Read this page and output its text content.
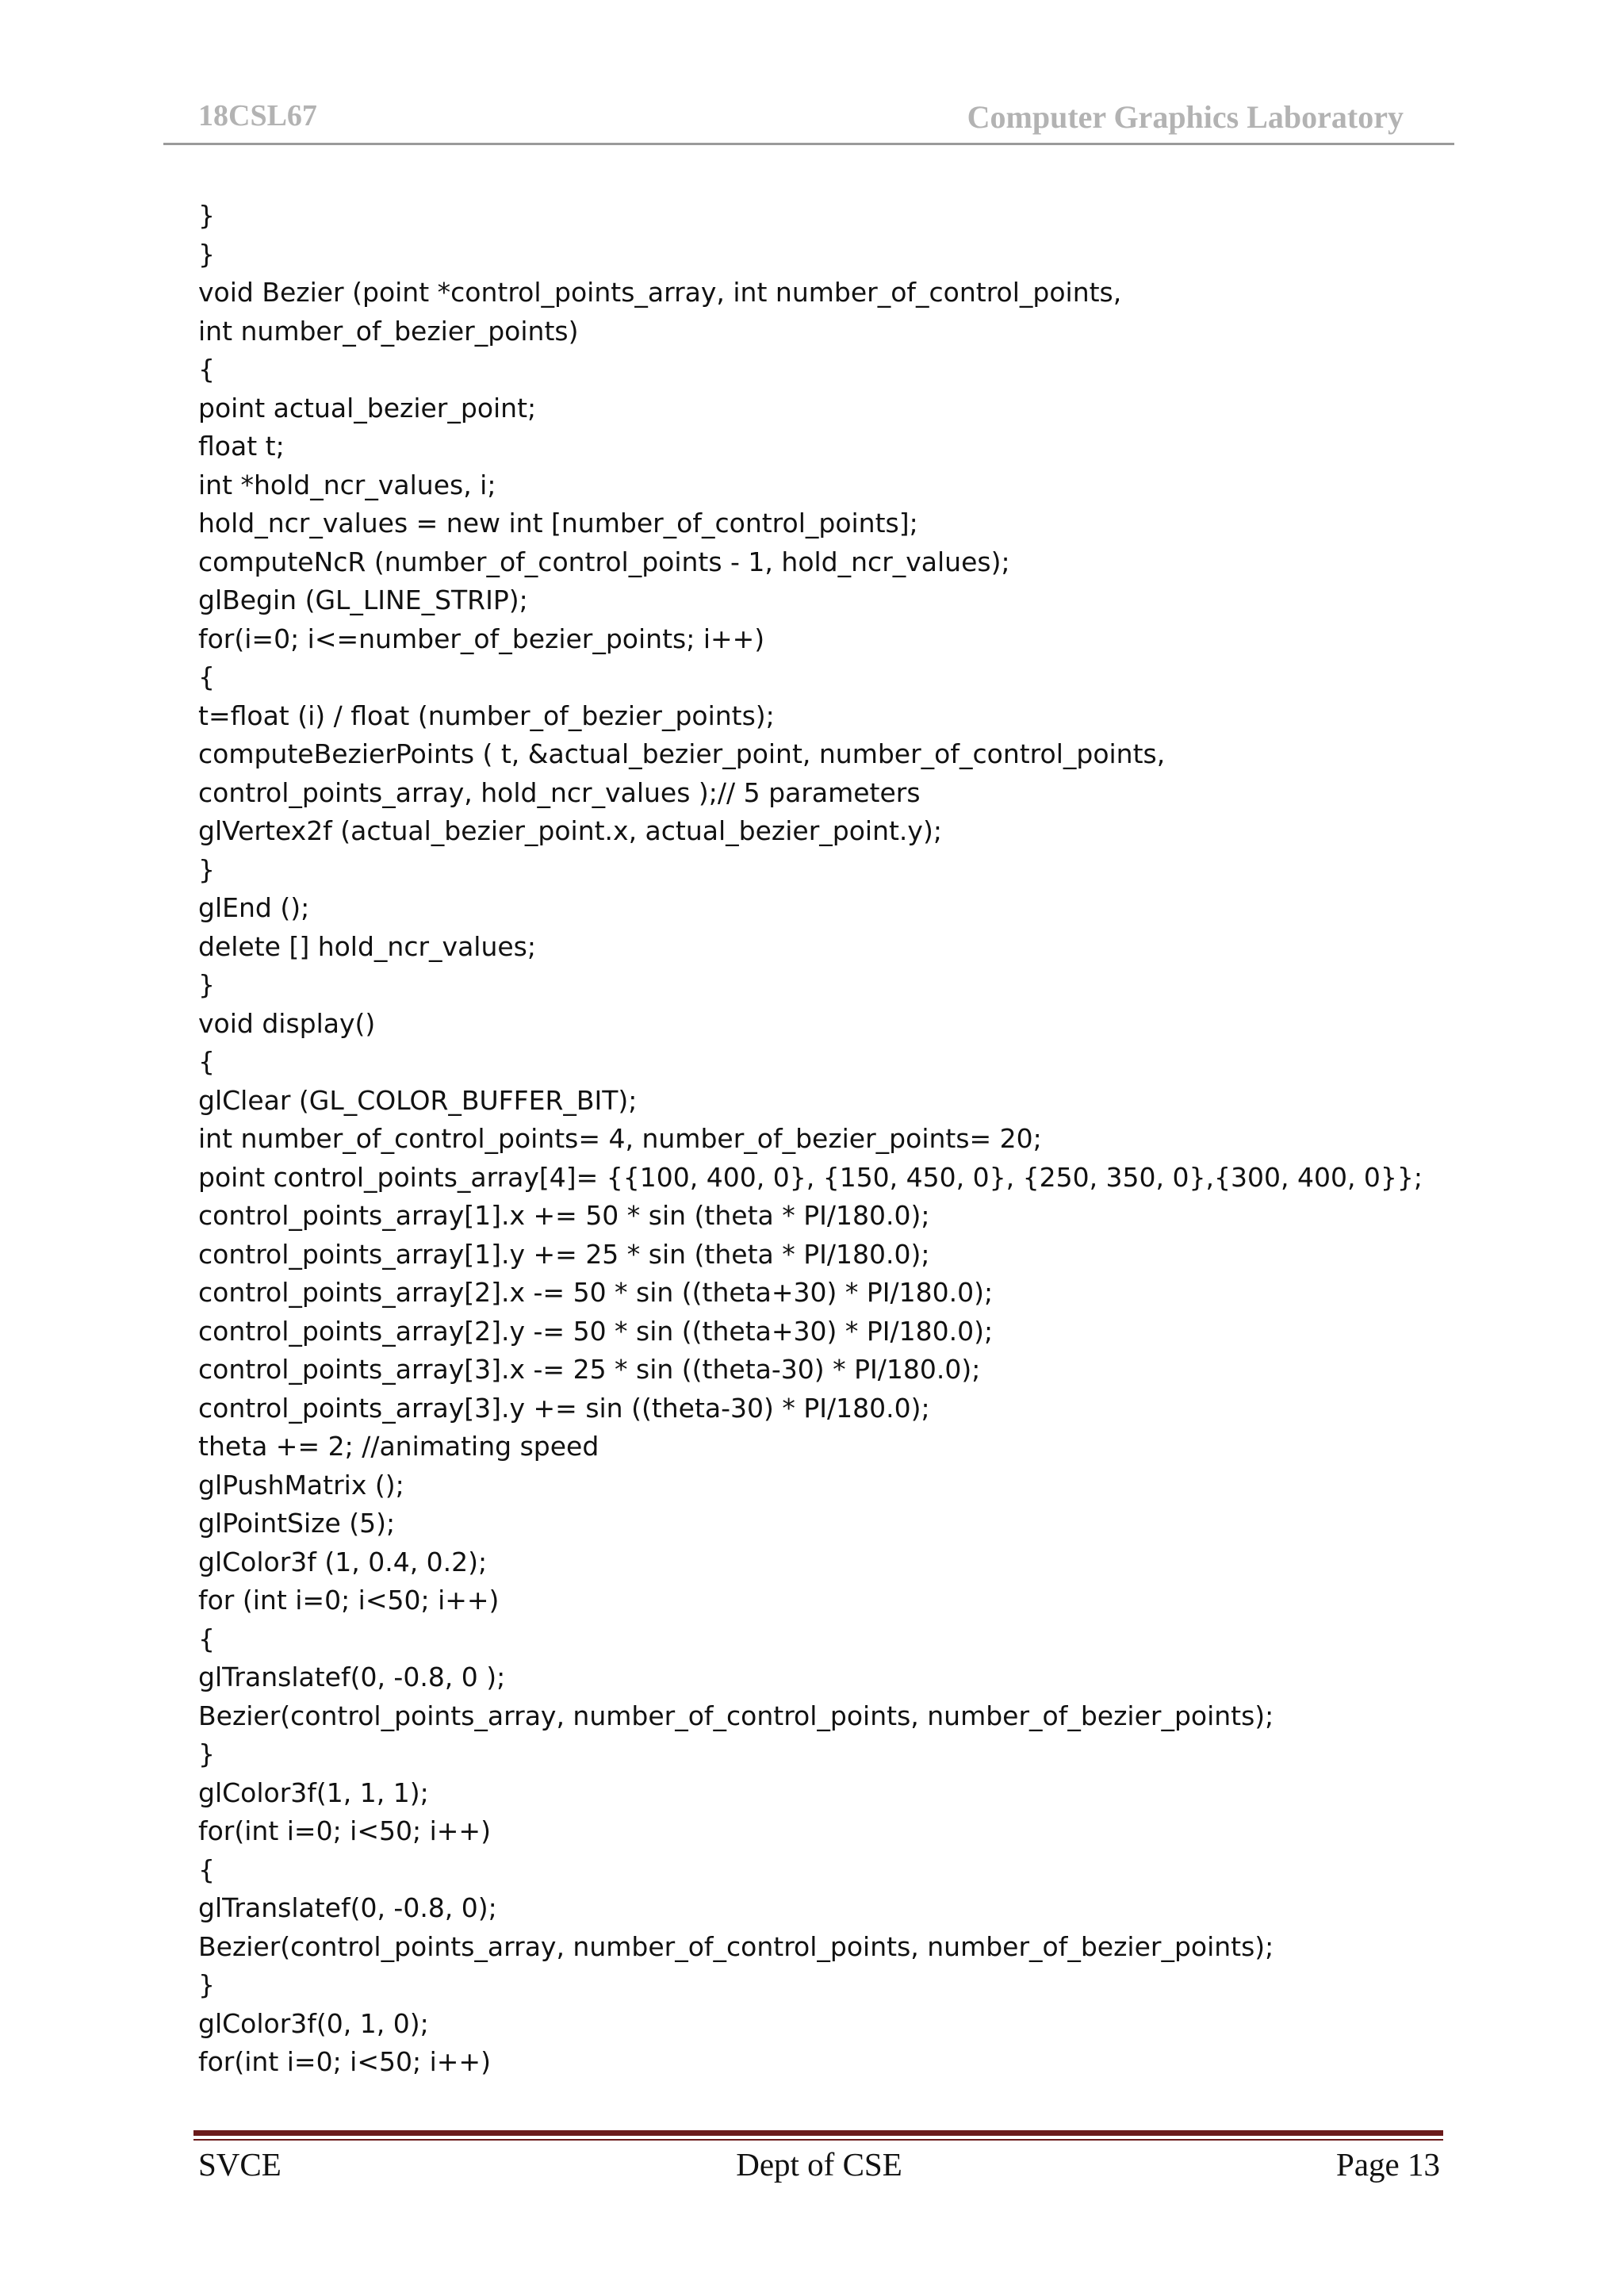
18CSL67	Computer Graphics Laboratory
}
}
void Bezier (point *control_points_array, int number_of_control_points,
int number_of_bezier_points)
{
point actual_bezier_point;
float t;
int *hold_ncr_values, i;
hold_ncr_values = new int [number_of_control_points];
computeNcR (number_of_control_points - 1, hold_ncr_values);
glBegin (GL_LINE_STRIP);
for(i=0; i<=number_of_bezier_points; i++)
{
t=float (i) / float (number_of_bezier_points);
computeBezierPoints ( t, &actual_bezier_point, number_of_control_points,
control_points_array, hold_ncr_values );// 5 parameters
glVertex2f (actual_bezier_point.x, actual_bezier_point.y);
}
glEnd ();
delete [] hold_ncr_values;
}
void display()
{
glClear (GL_COLOR_BUFFER_BIT);
int number_of_control_points= 4, number_of_bezier_points= 20;
point control_points_array[4]= {{100, 400, 0}, {150, 450, 0}, {250, 350, 0},{300, 400, 0}};
control_points_array[1].x += 50 * sin (theta * PI/180.0);
control_points_array[1].y += 25 * sin (theta * PI/180.0);
control_points_array[2].x -= 50 * sin ((theta+30) * PI/180.0);
control_points_array[2].y -= 50 * sin ((theta+30) * PI/180.0);
control_points_array[3].x -= 25 * sin ((theta-30) * PI/180.0);
control_points_array[3].y += sin ((theta-30) * PI/180.0);
theta += 2; //animating speed
glPushMatrix ();
glPointSize (5);
glColor3f (1, 0.4, 0.2);
for (int i=0; i<50; i++)
{
glTranslatef(0, -0.8, 0 );
Bezier(control_points_array, number_of_control_points, number_of_bezier_points);
}
glColor3f(1, 1, 1);
for(int i=0; i<50; i++)
{
glTranslatef(0, -0.8, 0);
Bezier(control_points_array, number_of_control_points, number_of_bezier_points);
}
glColor3f(0, 1, 0);
for(int i=0; i<50; i++)
SVCE	Dept of CSE	Page 13
